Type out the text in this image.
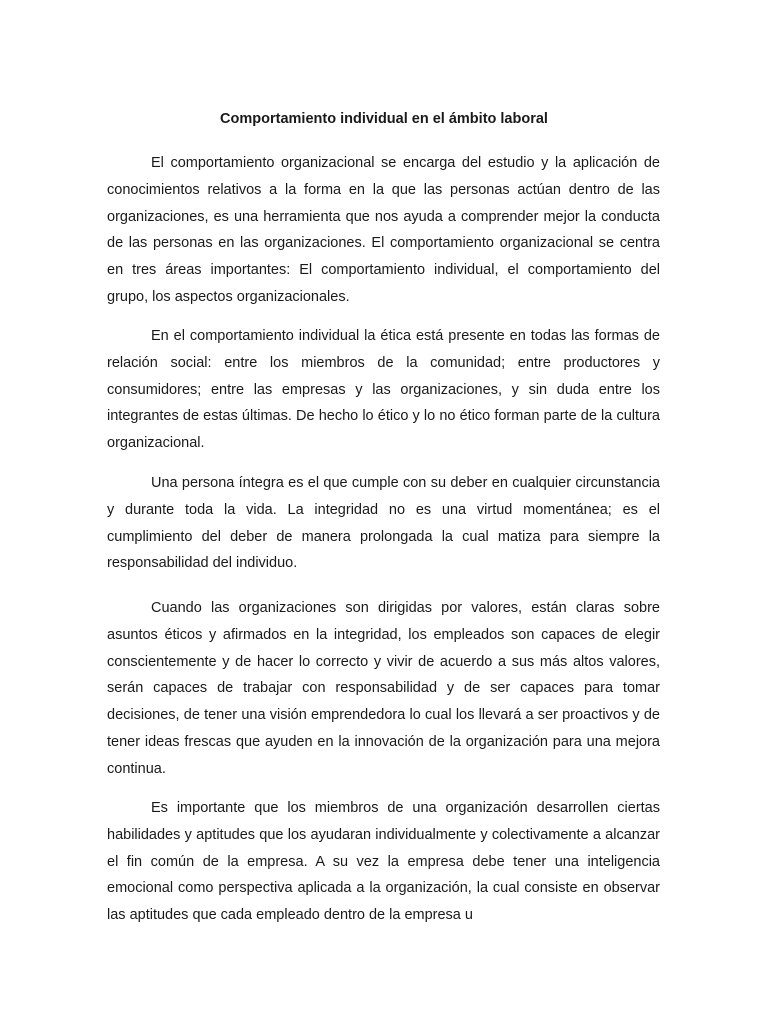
Comportamiento individual en el ámbito laboral

El comportamiento organizacional se encarga del estudio y la aplicación de conocimientos relativos a la forma en la que las personas actúan dentro de las organizaciones, es una herramienta que nos ayuda a comprender mejor la conducta de las personas en las organizaciones. El comportamiento organizacional se centra en tres áreas importantes: El comportamiento individual, el comportamiento del grupo, los aspectos organizacionales.

En el comportamiento individual la ética está presente en todas las formas de relación social: entre los miembros de la comunidad; entre productores y consumidores; entre las empresas y las organizaciones, y sin duda entre los integrantes de estas últimas. De hecho lo ético y lo no ético forman parte de la cultura organizacional.

Una persona íntegra es el que cumple con su deber en cualquier circunstancia y durante toda la vida. La integridad no es una virtud momentánea; es el cumplimiento del deber de manera prolongada la cual matiza para siempre la responsabilidad del individuo.

Cuando las organizaciones son dirigidas por valores, están claras sobre asuntos éticos y afirmados en la integridad, los empleados son capaces de elegir conscientemente y de hacer lo correcto y vivir de acuerdo a sus más altos valores, serán capaces de trabajar con responsabilidad y de ser capaces para tomar decisiones, de tener una visión emprendedora lo cual los llevará a ser proactivos y de tener ideas frescas que ayuden en la innovación de la organización para una mejora continua.

Es importante que los miembros de una organización desarrollen ciertas habilidades y aptitudes que los ayudaran individualmente y colectivamente a alcanzar el fin común de la empresa. A su vez la empresa debe tener una inteligencia emocional como perspectiva aplicada a la organización, la cual consiste en observar las aptitudes que cada empleado dentro de la empresa u
